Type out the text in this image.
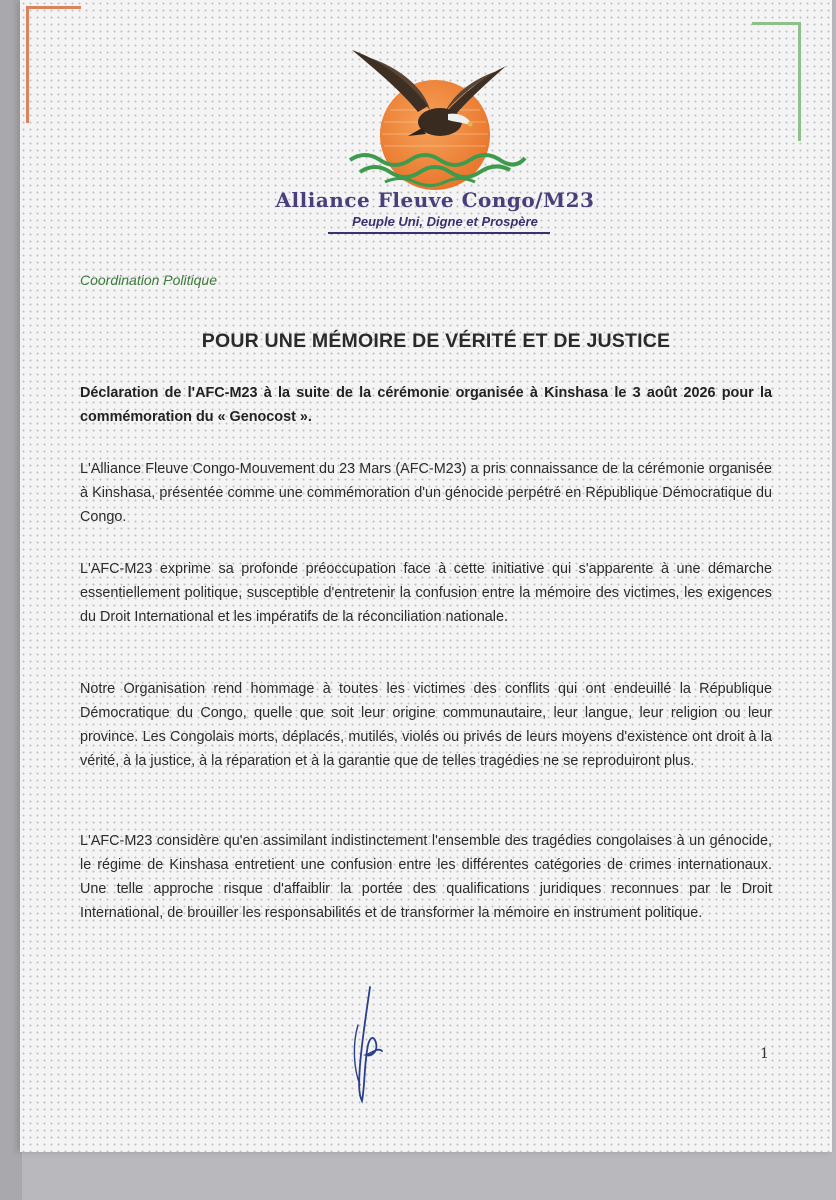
Alliance Fleuve Congo/M23
Peuple Uni, Digne et Prospère
Coordination Politique
POUR UNE MÉMOIRE DE VÉRITÉ ET DE JUSTICE
Déclaration de l'AFC-M23 à la suite de la cérémonie organisée à Kinshasa le 3 août 2026 pour la commémoration du « Genocost ».
L'Alliance Fleuve Congo-Mouvement du 23 Mars (AFC-M23) a pris connaissance de la cérémonie organisée à Kinshasa, présentée comme une commémoration d'un génocide perpétré en République Démocratique du Congo.
L'AFC-M23 exprime sa profonde préoccupation face à cette initiative qui s'apparente à une démarche essentiellement politique, susceptible d'entretenir la confusion entre la mémoire des victimes, les exigences du Droit International et les impératifs de la réconciliation nationale.
Notre Organisation rend hommage à toutes les victimes des conflits qui ont endeuillé la République Démocratique du Congo, quelle que soit leur origine communautaire, leur langue, leur religion ou leur province. Les Congolais morts, déplacés, mutilés, violés ou privés de leurs moyens d'existence ont droit à la vérité, à la justice, à la réparation et à la garantie que de telles tragédies ne se reproduiront plus.
L'AFC-M23 considère qu'en assimilant indistinctement l'ensemble des tragédies congolaises à un génocide, le régime de Kinshasa entretient une confusion entre les différentes catégories de crimes internationaux. Une telle approche risque d'affaiblir la portée des qualifications juridiques reconnues par le Droit International, de brouiller les responsabilités et de transformer la mémoire en instrument politique.
1
